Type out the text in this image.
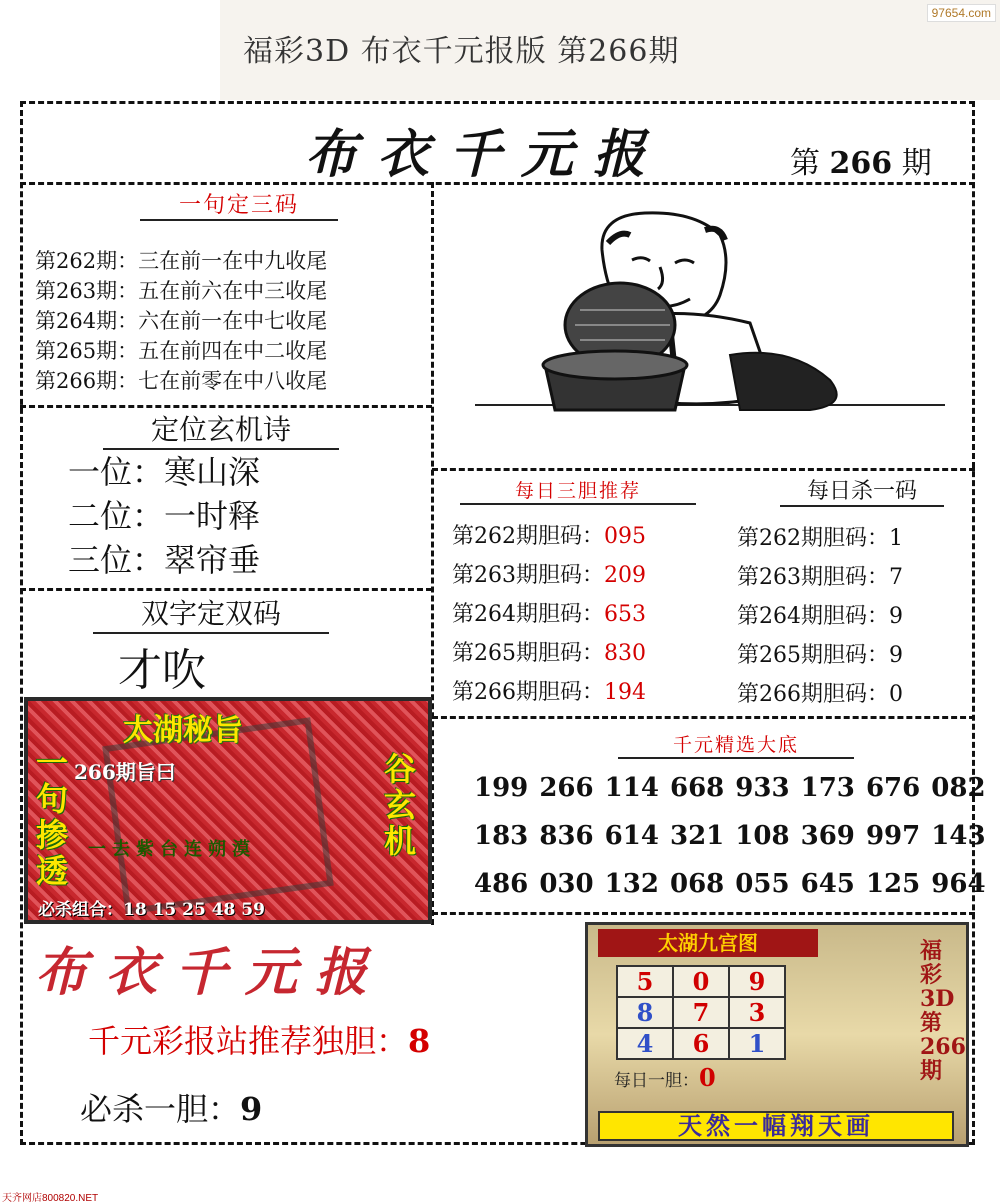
97654.com
福彩3D 布衣千元报版 第266期
布衣千元报	第 266 期
一句定三码
第262期：三在前一在中九收尾
第263期：五在前六在中三收尾
第264期：六在前一在中七收尾
第265期：五在前四在中二收尾
第266期：七在前零在中八收尾
定位玄机诗
一位：寒山深
二位：一时释
三位：翠帘垂
双字定双码
才吹
太湖秘旨
一句掺透
谷玄机
266期旨曰
一去紫台连朔漠
必杀组合：18 15 25 48 59
每日三胆推荐
第262期胆码：095
第263期胆码：209
第264期胆码：653
第265期胆码：830
第266期胆码：194
每日杀一码
第262期胆码：1
第263期胆码：7
第264期胆码：9
第265期胆码：9
第266期胆码：0
千元精选大底
199 266 114 668 933 173 676 082
183 836 614 321 108 369 997 143
486 030 132 068 055 645 125 964
布衣千元报
千元彩报站推荐独胆：8
必杀一胆：9
太湖九宫图	福彩3D第266期
5	0	9
8	7	3
4	6	1
每日一胆：0
天然一幅翔天画
天齐网店800820.NET
